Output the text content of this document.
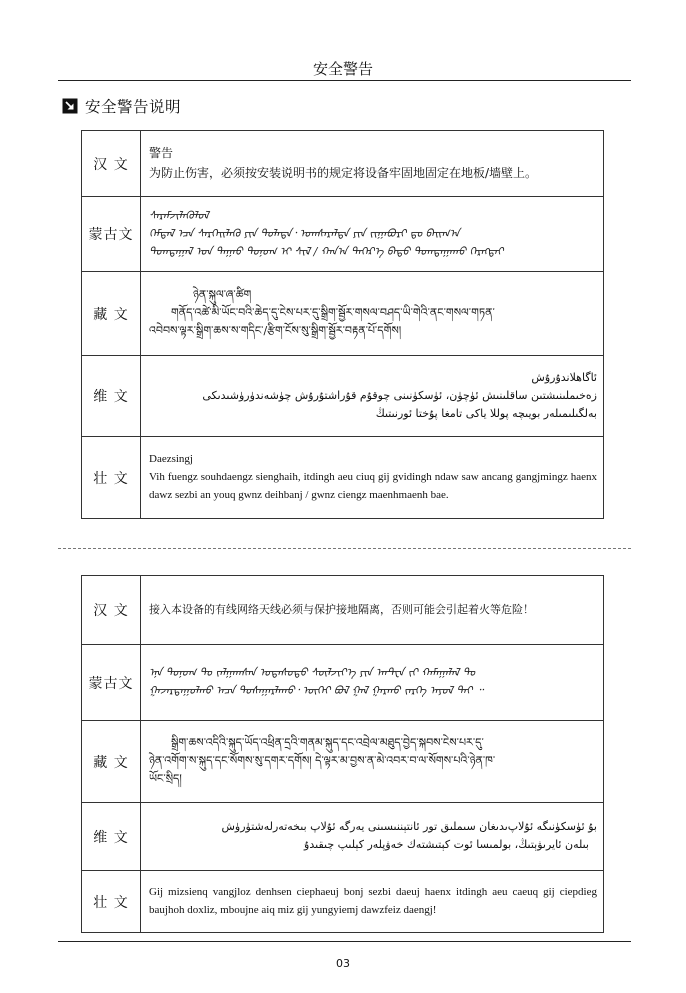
安全警告
安全警告说明
汉 文	警告
为防止伤害，必须按安装说明书的规定将设备牢固地固定在地板/墙壁上。

蒙古文	ᠰᠡᠷᠡᠮᠵᠢᠯᠡᠭᠦᠯᠦᠯ
ᠭᠡᠮᠲᠡᠯ ᠡᠴᠡ ᠰᠡᠷᠭᠡᠢᠯᠡᠬᠦ ᠶᠢᠨ ᠲᠤᠯᠠᠳᠠ᠂ ᠤᠭᠰᠠᠷᠠᠯᠲᠠ ᠶᠢᠨ ᠵᠢᠭᠠᠪᠤᠷᠢ ᠳᠤ ᠪᠠᠢᠭ᠎ᠠ
ᠲᠣᠭᠲᠠᠭᠠᠯ ᠤᠨ ᠳᠠᠭᠠᠤ ᠲᠣᠨᠣᠭ ᠢ ᠰᠢᠯ / ᠬᠠᠨ᠎ᠠ ᠳᠡᠭᠡᠷ᠎ᠡ ᠪᠠᠲᠤ ᠲᠣᠭᠲᠠᠭᠠᠬᠤ ᠬᠡᠷᠡᠭᠲᠡᠢ

藏 文	ཉེན་སྐུལ་ཞ་ཚིག
གནོད་འཚེ་མི་ཡོང་བའི་ཆེད་དུ་ངེས་པར་དུ་སྒྲིག་སྦྱོར་གསལ་བཤད་ཡི་གེའི་ནང་གསལ་གཏན་
འབེབས་ལྟར་སྒྲིག་ཆས་ས་གདིང་/རྩིག་ངོས་སུ་སྒྲིག་སྦྱོར་བརྟན་པོ་དགོས།

维 文	ئاگاھلاندۇرۇش
زەخىملىنىشتىن ساقلىنىش ئۈچۈن، ئۈسكۈنىنى چوقۇم قۇراشتۇرۇش چۈشەندۈرۈشىدىكى
بەلگىلىمىلەر بويىچە پوللا ياكى تامغا پۇختا ئورنىتىڭ

壮 文	Daezsingj
Vih fuengz souhdaengz sienghaih, itdingh aeu ciuq gij gvidingh ndaw saw ancang gangjmingz haenx dawz sezbi an youq gwnz deihbanj / gwnz ciengz maenhmaenh bae.
汉 文	接入本设备的有线网络天线必须与保护接地隔离，否则可能会引起着火等危险！
蒙古文	ᠡᠨᠡ ᠲᠣᠨᠣᠭ ᠲᠤ ᠵᠠᠯᠭᠠᠭᠰᠠᠨ ᠤᠲᠠᠰᠤᠲᠤ ᠰᠦᠯᠵᠢᠶ᠎ᠡ ᠶᠢᠨ ᠠᠨᠲ᠋ᠧᠨ ᠵᠢ ᠬᠠᠮᠠᠭᠠᠯᠠᠯ ᠲᠤ
ᠭᠠᠵᠠᠷᠳᠠᠭᠤᠯᠬᠤ ᠠᠴᠠ ᠲᠤᠰᠠᠭᠠᠷᠯᠠᠬᠤ᠂ ᠦᠭᠡᠢ ᠪᠣᠯ ᠭᠠᠯ ᠭᠠᠷᠬᠤ ᠵᠡᠷᠭᠡ ᠠᠶᠤᠯ ᠲᠠᠢ ᠃

藏 文	སྒྲིག་ཆས་འདིའི་སྐུད་ཡོད་འཕྲིན་དྲའི་གནམ་སྐུད་དང་འབྲེལ་མཐུད་བྱེད་སྐབས་ངེས་པར་དུ་
ཉེན་འགོག་ས་སྐུད་དང་སོགས་སུ་དགར་དགོས། དེ་ལྟར་མ་བྱས་ན་མེ་འབར་བ་ལ་སོགས་པའི་ཉེན་ཁ་
ཡོང་སྲིད།

维 文	بۇ ئۈسكۈنىگە ئۇلاپ‌ىدىغان سىملىق تور ئانتېننىسىنى يەرگە ئۇلاپ بىخەتەرلەشتۈرۈش
بىلەن ئايرىۋېتىڭ، بولمىسا ئوت كېتىشتەك خەۋپلەر كېلىپ چىقىدۇ

壮 文	Gij mizsienq vangjloz denhsen ciephaeuj bonj sezbi daeuj haenx itdingh aeu caeuq gij ciepdieg baujhoh doxliz, mboujne aiq miz gij yungyiemj dawzfeiz daengj!
03
